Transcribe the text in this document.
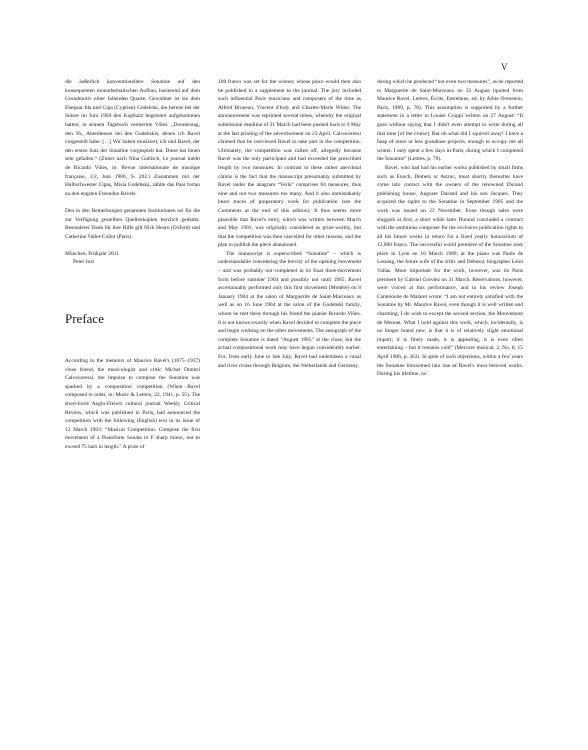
V

die äußerlich konventionellere Sonatine auf den konsequenten monothematischen Aufbau, basierend auf dem Grundmotiv einer fallenden Quarte. Gewidmet ist sie dem Ehepaar Ida und Cipa (Cyprien) Godebski, die bereits bei der Soiree im Juni 1904 den Kopfsatz begeistert aufgenommen hatten; in seinem Tagebuch vermerkte Viñes: „Donnerstag, den 16., Abendessen bei den Godebskis, denen ich Ravel vorgestellt habe. […] Wir haben musiziert, ich und Ravel, der den ersten Satz der Sonatine vorgespielt hat. Diese hat ihnen sehr gefallen.“ (Zitiert nach Nina Gubisch, Le journal inédit de Ricardo Viñes, in: Revue internationale de musique française, 1/2, Juni 1980, S. 202.) Zusammen mit der Halbschwester Cipas, Misia Godebska, zählte das Paar fortan zu den engsten Freunden Ravels.

Den in den Bemerkungen genannten Institutionen sei für die zur Verfügung gestellten Quellenkopien herzlich gedankt. Besonderer Dank für ihre Hilfe gilt Nick Hearn (Oxford) und Catherine Vallet-Collot (Paris).

München, Frühjahr 2011

Peter Jost

Preface

According to the memoirs of Maurice Ravel's (1875–1937) close friend, the musicologist and critic Michel Dimitri Calvocoressi, the impulse to compose the Sonatine was sparked by a composition competition (When Ravel composed to order, in: Music & Letters, 22, 1941, p. 55). The short-lived Anglo-French cultural journal Weekly Critical Review, which was published in Paris, had announced the competition with the following (English) text in its issue of 12 March 1903: “Musical Competition. Compose the first movement of a Pianoforte Sonata in F sharp minor, not to exceed 75 bars in length.” A prize of

100 francs was set for the winner, whose piece would then also be published in a supplement to the journal. The jury included such influential Paris musicians and composers of the time as Alfred Bruneau, Vincent d'Indy and Charles-Marie Widor. The announcement was reprinted several times, whereby the original submission deadline of 31 March had been pushed back to 9 May at the last printing of the advertisement on 23 April. Calvocoressi claimed that he convinced Ravel to take part in the competition. Ultimately, the competition was called off, allegedly because Ravel was the only participant and had exceeded the prescribed length by two measures. In contrast to these rather anecdotal claims is the fact that the manuscript presumably submitted by Ravel under the anagram “Verla” comprises 84 measures, thus nine and not two measures too many. And it also unmistakably bears traces of preparatory work for publication (see the Comments at the end of this edition). It thus seems more plausible that Ravel's entry, which was written between March and May 1903, was originally considered as prize-worthy, but that the competition was then cancelled for other reasons, and the plan to publish the piece abandoned.

The manuscript is superscribed “Sonatine” – which is understandable considering the brevity of the opening movement – and was probably not completed in its final three-movement form before summer 1904 and possibly not until 1905. Ravel ascertainably performed only this first movement (Modéré) on 8 January 1904 at the salon of Marguerite de Saint-Marceaux as well as on 16 June 1904 at the salon of the Godebski family, whom he met there through his friend the pianist Ricardo Viñes. It is not known exactly when Ravel decided to complete the piece and begin working on the other movements. The autograph of the complete Sonatine is dated “August 1905” at the close, but the actual compositional work may have begun considerably earlier. For, from early June to late July, Ravel had undertaken a canal and river cruise through Belgium, the Netherlands and Germany,

during which he produced “not even two measures”, as he reported to Marguerite de Saint-Marceaux on 23 August (quoted from Maurice Ravel. Lettres, Écrits, Entretiens, ed. by Arbie Orenstein, Paris, 1989, p. 78). This assumption is supported by a further statement in a letter to Louise Cruppi written on 27 August: “It goes without saying that I didn't even attempt to write during all that time [of the cruise]. But oh what did I squirrel away! I have a heap of more or less grandiose projects, enough to occupy me all winter. I only spent a few days in Paris, during which I completed the Sonatine” (Lettres, p. 79).

Ravel, who had had his earlier works published by small firms such as Enoch, Demets or Astruc, must shortly thereafter have come into contact with the owners of the renowned Durand publishing house, Auguste Durand and his son Jacques. They acquired the rights to the Sonatine in September 1905 and the work was issued on 23 November. Even though sales were sluggish at first, a short while later Durand concluded a contract with the ambitious composer for the exclusive publication rights to all his future works in return for a fixed yearly honorarium of 12,000 francs. The successful world premiere of the Sonatine took place in Lyon on 10 March 1906; at the piano was Paule de Lestang, the future wife of the critic and Debussy biographer Léon Vallas. More important for the work, however, was its Paris premiere by Gabriel Grovlez on 31 March. Reservations, however, were voiced at this performance, and in his review Joseph Canteloube de Malaret wrote: “I am not entirely satisfied with the Sonatine by Mr. Maurice Ravel, even though it is well written and charming; I do wish to except the second section, the Mouvement de Menuet. What I hold against this work, which, incidentally, is no longer brand new, is that it is of relatively slight emotional import; it is finely made, it is appealing, it is even often entertaining – but it remains cold” (Mercure musical, 2, No. 8, 15 April 1906, p. 363). In spite of such objections, within a few years the Sonatine blossomed into one of Ravel's most beloved works. During his lifetime, no
